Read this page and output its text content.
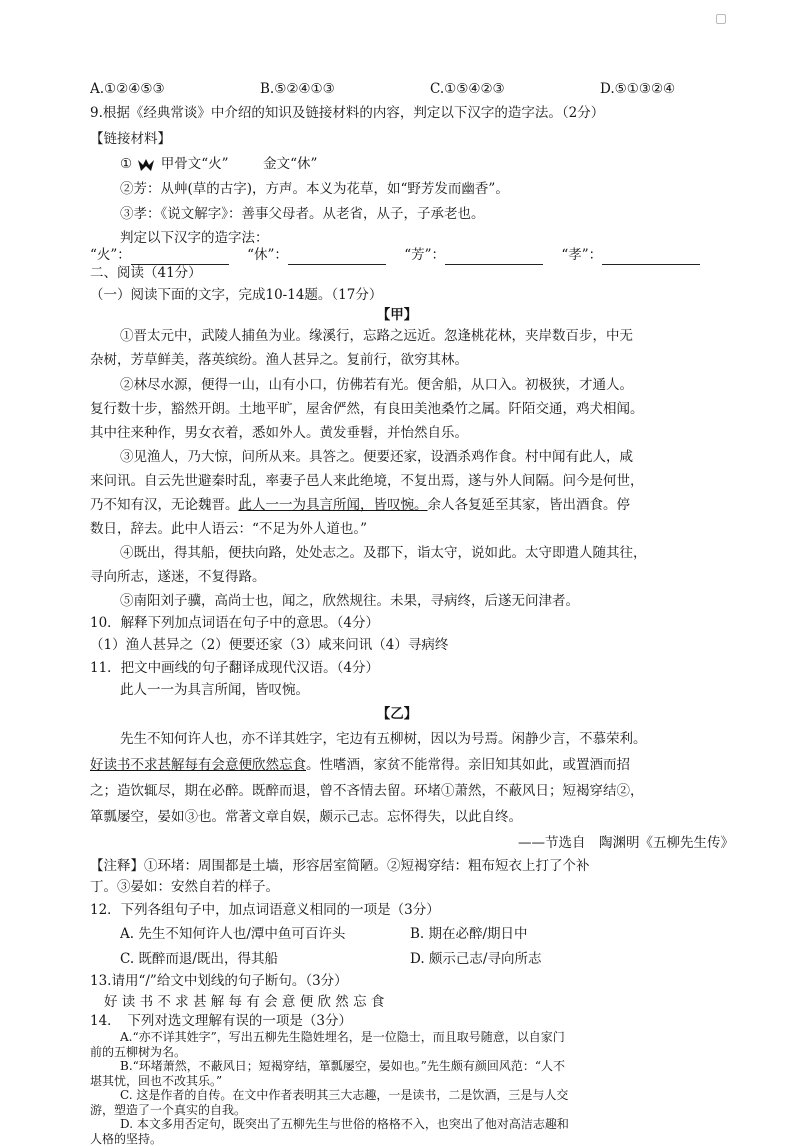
A.①②④⑤③	B.⑤②④①③	C.①⑤④②③	D.⑤①③②④
9.根据《经典常谈》中介绍的知识及链接材料的内容，判定以下汉字的造字法。（2分）
【链接材料】
① 甲骨文“火”	金文“休”
②芳：从艸(草的古字)，方声。本义为花草，如“野芳发而幽香”。
③孝：《说文解字》：善事父母者。从老省，从子，子承老也。
判定以下汉字的造字法：
“火”：	“休”：	“芳”：	“孝”：
二、阅读（41分）
（一）阅读下面的文字，完成10-14题。（17分）
【甲】
①晋太元中，武陵人捕鱼为业。缘溪行，忘路之远近。忽逢桃花林，夹岸数百步，中无
杂树，芳草鲜美，落英缤纷。渔人甚异之。复前行，欲穷其林。
②林尽水源，便得一山，山有小口，仿佛若有光。便舍船，从口入。初极狭，才通人。
复行数十步，豁然开朗。土地平旷，屋舍俨然，有良田美池桑竹之属。阡陌交通，鸡犬相闻。
其中往来种作，男女衣着，悉如外人。黄发垂髫，并怡然自乐。
③见渔人，乃大惊，问所从来。具答之。便要还家，设酒杀鸡作食。村中闻有此人，咸
来问讯。自云先世避秦时乱，率妻子邑人来此绝境，不复出焉，遂与外人间隔。问今是何世，
乃不知有汉，无论魏晋。此人一一为具言所闻，皆叹惋。余人各复延至其家，皆出酒食。停
数日，辞去。此中人语云：“不足为外人道也。”
④既出，得其船，便扶向路，处处志之。及郡下，诣太守，说如此。太守即遣人随其往，
寻向所志，遂迷，不复得路。
⑤南阳刘子骥，高尚士也，闻之，欣然规往。未果，寻病终，后遂无问津者。
10．解释下列加点词语在句子中的意思。（4分）
（1）渔人甚异之（2）便要还家（3）咸来问讯（4）寻病终
11．把文中画线的句子翻译成现代汉语。（4分）
此人一一为具言所闻，皆叹惋。
【乙】
先生不知何许人也，亦不详其姓字，宅边有五柳树，因以为号焉。闲静少言，不慕荣利。
好读书不求甚解每有会意便欣然忘食。性嗜酒，家贫不能常得。亲旧知其如此，或置酒而招
之；造饮辄尽，期在必醉。既醉而退，曾不吝情去留。环堵①萧然，不蔽风日；短褐穿结②，
箪瓢屡空，晏如③也。常著文章自娱，颇示己志。忘怀得失，以此自终。
——节选自　陶渊明《五柳先生传》
【注释】①环堵：周围都是土墙，形容居室简陋。②短褐穿结：粗布短衣上打了个补
丁。③晏如：安然自若的样子。
12．下列各组句子中，加点词语意义相同的一项是（3分）
A. 先生不知何许人也/潭中鱼可百许头	B. 期在必醉/期日中
C. 既醉而退/既出，得其船	D. 颇示己志/寻向所志
13.请用“/”给文中划线的句子断句。（3分）
好 读 书 不 求 甚 解 每 有 会 意 便 欣 然 忘 食
14．　下列对选文理解有误的一项是（3分）
A.“亦不详其姓字”，写出五柳先生隐姓埋名，是一位隐士，而且取号随意，以自家门
前的五柳树为名。
B.“环堵萧然，不蔽风日；短褐穿结，箪瓢屡空，晏如也。”先生颇有颜回风范：“人不
堪其忧，回也不改其乐。”
C. 这是作者的自传。在文中作者表明其三大志趣，一是读书，二是饮酒，三是与人交
游，塑造了一个真实的自我。
D. 本文多用否定句，既突出了五柳先生与世俗的格格不入，也突出了他对高洁志趣和
人格的坚持。
